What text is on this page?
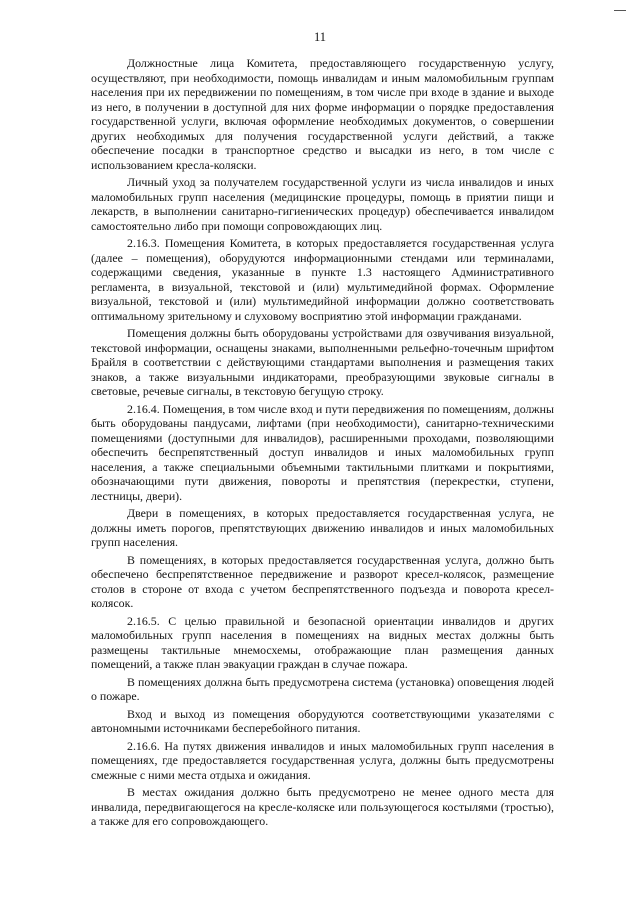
11

Должностные лица Комитета, предоставляющего государственную услугу, осуществляют, при необходимости, помощь инвалидам и иным маломобильным группам населения при их передвижении по помещениям, в том числе при входе в здание и выходе из него, в получении в доступной для них форме информации о порядке предоставления государственной услуги, включая оформление необходимых документов, о совершении других необходимых для получения государственной услуги действий, а также обеспечение посадки в транспортное средство и высадки из него, в том числе с использованием кресла-коляски.

Личный уход за получателем государственной услуги из числа инвалидов и иных маломобильных групп населения (медицинские процедуры, помощь в приятии пищи и лекарств, в выполнении санитарно-гигиенических процедур) обеспечивается инвалидом самостоятельно либо при помощи сопровождающих лиц.

2.16.3. Помещения Комитета, в которых предоставляется государственная услуга (далее – помещения), оборудуются информационными стендами или терминалами, содержащими сведения, указанные в пункте 1.3 настоящего Административного регламента, в визуальной, текстовой и (или) мультимедийной формах. Оформление визуальной, текстовой и (или) мультимедийной информации должно соответствовать оптимальному зрительному и слуховому восприятию этой информации гражданами.

Помещения должны быть оборудованы устройствами для озвучивания визуальной, текстовой информации, оснащены знаками, выполненными рельефно-точечным шрифтом Брайля в соответствии с действующими стандартами выполнения и размещения таких знаков, а также визуальными индикаторами, преобразующими звуковые сигналы в световые, речевые сигналы, в текстовую бегущую строку.

2.16.4. Помещения, в том числе вход и пути передвижения по помещениям, должны быть оборудованы пандусами, лифтами (при необходимости), санитарно-техническими помещениями (доступными для инвалидов), расширенными проходами, позволяющими обеспечить беспрепятственный доступ инвалидов и иных маломобильных групп населения, а также специальными объемными тактильными плитками и покрытиями, обозначающими пути движения, повороты и препятствия (перекрестки, ступени, лестницы, двери).

Двери в помещениях, в которых предоставляется государственная услуга, не должны иметь порогов, препятствующих движению инвалидов и иных маломобильных групп населения.

В помещениях, в которых предоставляется государственная услуга, должно быть обеспечено беспрепятственное передвижение и разворот кресел-колясок, размещение столов в стороне от входа с учетом беспрепятственного подъезда и поворота кресел-колясок.

2.16.5. С целью правильной и безопасной ориентации инвалидов и других маломобильных групп населения в помещениях на видных местах должны быть размещены тактильные мнемосхемы, отображающие план размещения данных помещений, а также план эвакуации граждан в случае пожара.

В помещениях должна быть предусмотрена система (установка) оповещения людей о пожаре.

Вход и выход из помещения оборудуются соответствующими указателями с автономными источниками бесперебойного питания.

2.16.6. На путях движения инвалидов и иных маломобильных групп населения в помещениях, где предоставляется государственная услуга, должны быть предусмотрены смежные с ними места отдыха и ожидания.

В местах ожидания должно быть предусмотрено не менее одного места для инвалида, передвигающегося на кресле-коляске или пользующегося костылями (тростью), а также для его сопровождающего.
